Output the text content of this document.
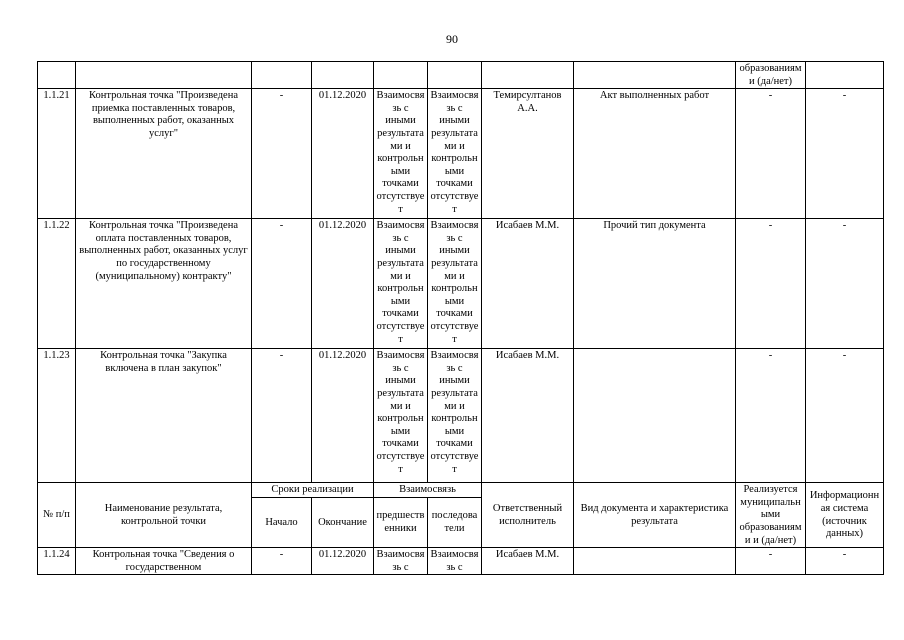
90
								образованиям и (да/нет)	
1.1.21	Контрольная точка "Произведена приемка поставленных товаров, выполненных работ, оказанных услуг"	-	01.12.2020	Взаимосвязь с иными результатами и контрольными точками отсутствует	Взаимосвязь с иными результатами и контрольными точками отсутствует	Темирсултанов А.А.	Акт выполненных работ	-	-
1.1.22	Контрольная точка "Произведена оплата поставленных товаров, выполненных работ, оказанных услуг по государственному (муниципальному) контракту"	-	01.12.2020	Взаимосвязь с иными результатами и контрольными точками отсутствует	Взаимосвязь с иными результатами и контрольными точками отсутствует	Исабаев М.М.	Прочий тип документа	-	-
1.1.23	Контрольная точка "Закупка включена в план закупок"	-	01.12.2020	Взаимосвязь с иными результатами и контрольными точками отсутствует	Взаимосвязь с иными результатами и контрольными точками отсутствует	Исабаев М.М.		-	-
№ п/п	Наименование результата, контрольной точки	Сроки реализации		Взаимосвязь		Ответственный исполнитель	Вид документа и характеристика результата	Реализуется муниципальными образованиями и (да/нет)	Информационная система (источник данных)
		Начало	Окончание	предшественники	последователи				
1.1.24	Контрольная точка "Сведения о государственном	-	01.12.2020	Взаимосвязь с	Взаимосвязь с	Исабаев М.М.		-	-
